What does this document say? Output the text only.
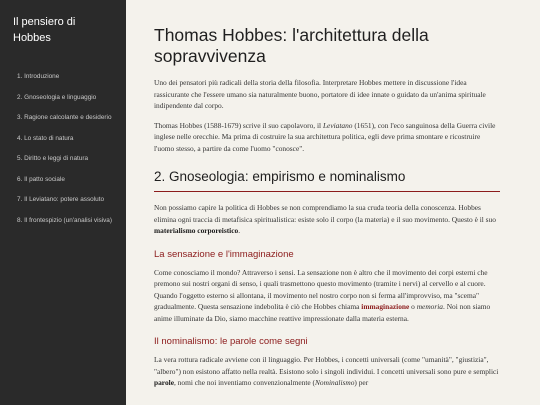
Il pensiero di Hobbes
1. Introduzione
2. Gnoseologia e linguaggio
3. Ragione calcolante e desiderio
4. Lo stato di natura
5. Diritto e leggi di natura
6. Il patto sociale
7. Il Leviatano: potere assoluto
8. Il frontespizio (un'analisi visiva)
Thomas Hobbes: l'architettura della sopravvivenza

Uno dei pensatori più radicali della storia della filosofia. Interpretare Hobbes mettere in discussione l'idea rassicurante che l'essere umano sia naturalmente buono, portatore di idee innate o guidato da un'anima spirituale indipendente dal corpo.

Thomas Hobbes (1588-1679) scrive il suo capolavoro, il Leviatano (1651), con l'eco sanguinosa della Guerra civile inglese nelle orecchie. Ma prima di costruire la sua architettura politica, egli deve prima smontare e ricostruire l'uomo stesso, a partire da come l'uomo "conosce".

2. Gnoseologia: empirismo e nominalismo

Non possiamo capire la politica di Hobbes se non comprendiamo la sua cruda teoria della conoscenza. Hobbes elimina ogni traccia di metafisica spiritualistica: esiste solo il corpo (la materia) e il suo movimento. Questo è il suo materialismo corporeistico.

La sensazione e l'immaginazione

Come conosciamo il mondo? Attraverso i sensi. La sensazione non è altro che il movimento dei corpi esterni che premono sui nostri organi di senso, i quali trasmettono questo movimento (tramite i nervi) al cervello e al cuore. Quando l'oggetto esterno si allontana, il movimento nel nostro corpo non si ferma all'improvviso, ma "scema" gradualmente. Questa sensazione indebolita è ciò che Hobbes chiama immaginazione o memoria. Noi non siamo anime illuminate da Dio, siamo macchine reattive impressionate dalla materia esterna.

Il nominalismo: le parole come segni

La vera rottura radicale avviene con il linguaggio. Per Hobbes, i concetti universali (come "umanità", "giustizia", "albero") non esistono affatto nella realtà. Esistono solo i singoli individui. I concetti universali sono pure e semplici parole, nomi che noi inventiamo convenzionalmente (Nominalismo) per
